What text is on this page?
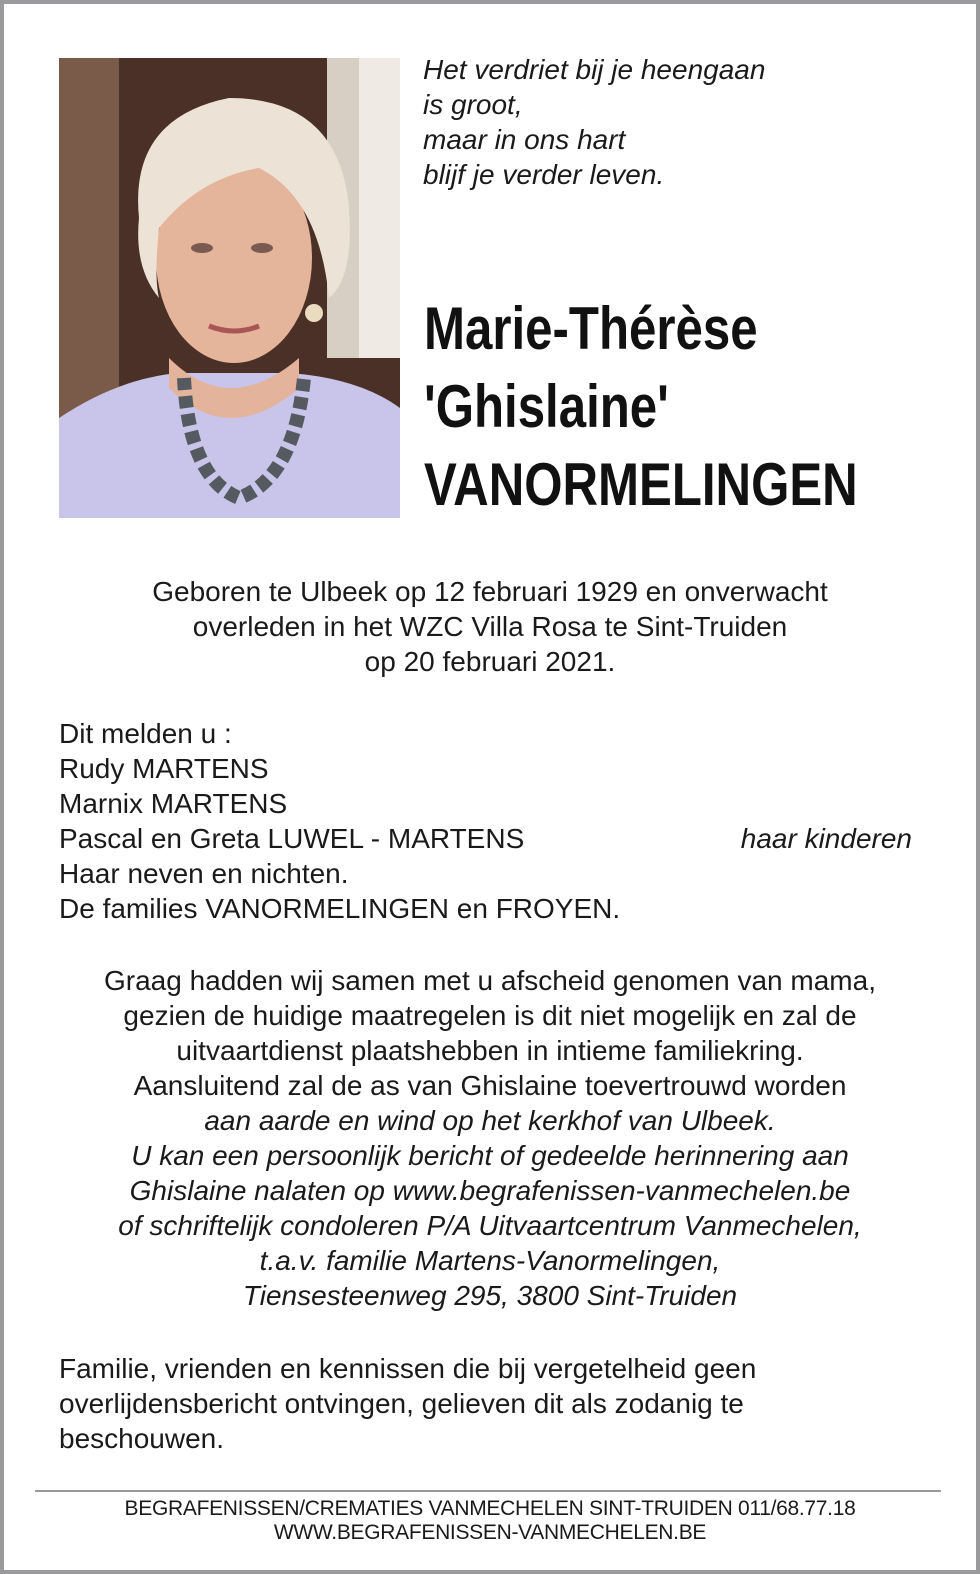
Het verdriet bij je heengaan
is groot,
maar in ons hart
blijf je verder leven.
Marie-Thérèse
'Ghislaine'
VANORMELINGEN
Geboren te Ulbeek op 12 februari 1929 en onverwacht
overleden in het WZC Villa Rosa te Sint-Truiden
op 20 februari 2021.
Dit melden u :
Rudy MARTENS
Marnix MARTENS
Pascal en Greta LUWEL - MARTENS	haar kinderen
Haar neven en nichten.
De families VANORMELINGEN en FROYEN.
Graag hadden wij samen met u afscheid genomen van mama,
gezien de huidige maatregelen is dit niet mogelijk en zal de
uitvaartdienst plaatshebben in intieme familiekring.
Aansluitend zal de as van Ghislaine toevertrouwd worden
aan aarde en wind op het kerkhof van Ulbeek.
U kan een persoonlijk bericht of gedeelde herinnering aan
Ghislaine nalaten op www.begrafenissen-vanmechelen.be
of schriftelijk condoleren P/A Uitvaartcentrum Vanmechelen,
t.a.v. familie Martens-Vanormelingen,
Tiensesteenweg 295, 3800 Sint-Truiden
Familie, vrienden en kennissen die bij vergetelheid geen
overlijdensbericht ontvingen, gelieven dit als zodanig te
beschouwen.
BEGRAFENISSEN/CREMATIES VANMECHELEN SINT-TRUIDEN 011/68.77.18
WWW.BEGRAFENISSEN-VANMECHELEN.BE
